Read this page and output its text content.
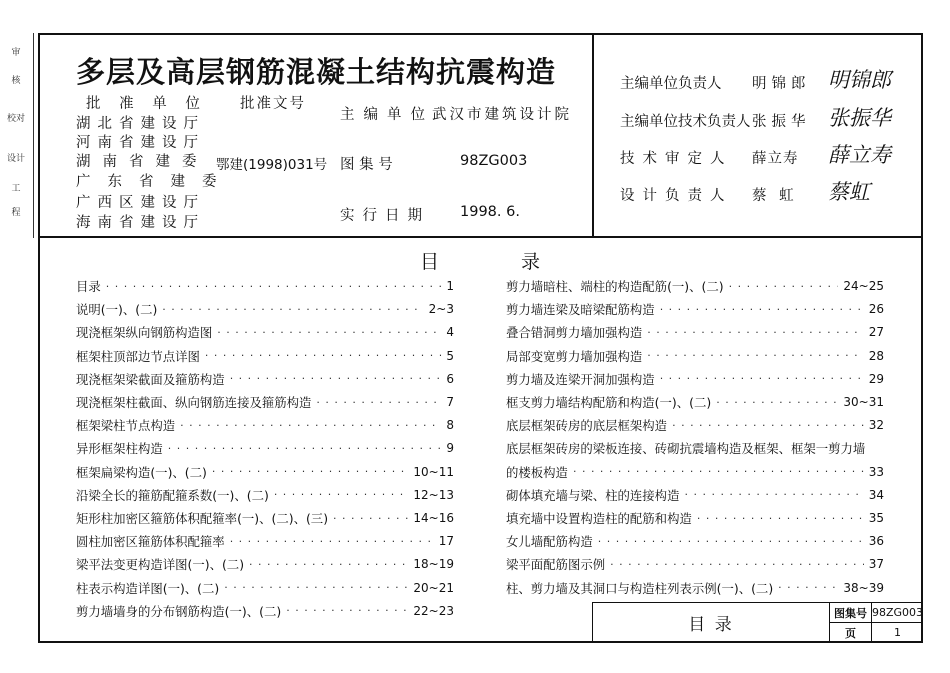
审
核
校对
设计
工
程
多层及高层钢筋混凝土结构抗震构造
批 准 单 位
湖北省建设厅
河南省建设厅
湖南省建委
广东省建委
广西区建设厅
海南省建设厅
批准文号
鄂建(1998)031号
主编单位
武汉市建筑设计院
图 集 号	98ZG003
实行日期 1998. 6.
主编单位负责人 明锦郎 明锦郎
主编单位技术负责人 张振华 张振华
技术审定人 薛立寿 薛立寿
设计负责人 蔡 虹 蔡虹
目	录
目录 · · ·	1
说明(一)、(二) · · ·	2~3
现浇框架纵向钢筋构造图 · · ·	4
框架柱顶部边节点详图 · · ·	5
现浇框架梁截面及箍筋构造 · · ·	6
现浇框架柱截面、纵向钢筋连接及箍筋构造 · · ·	7
框架梁柱节点构造 · · ·	8
异形框架柱构造 · · ·	9
框架扁梁构造(一)、(二) · · ·	10~11
沿梁全长的箍筋配箍系数(一)、(二) · · ·	12~13
矩形柱加密区箍筋体积配箍率(一)、(二)、(三) · · ·	14~16
圆柱加密区箍筋体积配箍率 · · ·	17
梁平法变更构造详图(一)、(二) · · ·	18~19
柱表示构造详图(一)、(二) · · ·	20~21
剪力墙墙身的分布钢筋构造(一)、(二) · · ·	22~23
剪力墙暗柱、端柱的构造配筋(一)、(二) · · ·	24~25
剪力墙连梁及暗梁配筋构造 · · ·	26
叠合错洞剪力墙加强构造 · · ·	27
局部变宽剪力墙加强构造 · · ·	28
剪力墙及连梁开洞加强构造 · · ·	29
框支剪力墙结构配筋和构造(一)、(二) · · ·	30~31
底层框架砖房的底层框架构造 · · ·	32
底层框架砖房的梁板连接、砖砌抗震墙构造及框架、框架一剪力墙
的楼板构造 · · ·	33
砌体填充墙与梁、柱的连接构造 · · ·	34
填充墙中设置构造柱的配筋和构造 · · ·	35
女儿墙配筋构造 · · ·	36
梁平面配筋图示例 · · ·	37
柱、剪力墙及其洞口与构造柱列表示例(一)、(二) · · ·	38~39
目 录
图集号 98ZG003
页	1
